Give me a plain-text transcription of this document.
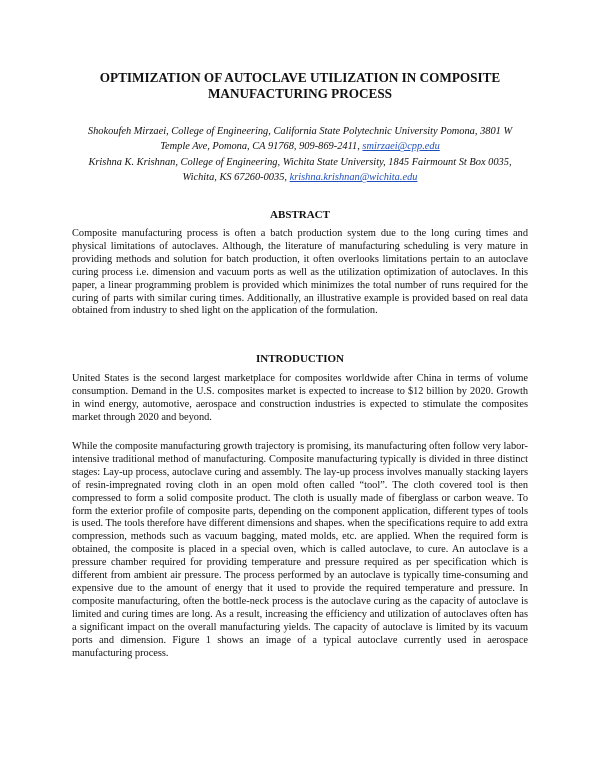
OPTIMIZATION OF AUTOCLAVE UTILIZATION IN COMPOSITE MANUFACTURING PROCESS
Shokoufeh Mirzaei, College of Engineering, California State Polytechnic University Pomona, 3801 W Temple Ave, Pomona, CA 91768, 909-869-2411, smirzaei@cpp.edu
Krishna K. Krishnan, College of Engineering, Wichita State University, 1845 Fairmount St Box 0035, Wichita, KS 67260-0035, krishna.krishnan@wichita.edu
ABSTRACT

Composite manufacturing process is often a batch production system due to the long curing times and physical limitations of autoclaves. Although, the literature of manufacturing scheduling is very mature in providing methods and solution for batch production, it often overlooks limitations pertain to an autoclave curing process i.e. dimension and vacuum ports as well as the utilization optimization of autoclaves. In this paper, a linear programming problem is provided which minimizes the total number of runs required for the curing of parts with similar curing times. Additionally, an illustrative example is provided based on real data obtained from industry to shed light on the application of the formulation.

INTRODUCTION

United States is the second largest marketplace for composites worldwide after China in terms of volume consumption. Demand in the U.S. composites market is expected to increase to $12 billion by 2020. Growth in wind energy, automotive, aerospace and construction industries is expected to stimulate the composites market through 2020 and beyond.

While the composite manufacturing growth trajectory is promising, its manufacturing often follow very labor-intensive traditional method of manufacturing. Composite manufacturing typically is divided in three distinct stages: Lay-up process, autoclave curing and assembly. The lay-up process involves manually stacking layers of resin-impregnated roving cloth in an open mold often called “tool”. The cloth covered tool is then compressed to form a solid composite product. The cloth is usually made of fiberglass or carbon weave. To form the exterior profile of composite parts, depending on the component application, different types of tools is used. The tools therefore have different dimensions and shapes. when the specifications require to add extra compression, methods such as vacuum bagging, mated molds, etc. are applied. When the required form is obtained, the composite is placed in a special oven, which is called autoclave, to cure. An autoclave is a pressure chamber required for providing temperature and pressure required as per specification which is different from ambient air pressure. The process performed by an autoclave is typically time-consuming and expensive due to the amount of energy that it used to provide the required temperature and pressure. In composite manufacturing, often the bottle-neck process is the autoclave curing as the capacity of autoclave is limited and curing times are long. As a result, increasing the efficiency and utilization of autoclaves often has a significant impact on the overall manufacturing yields. The capacity of autoclave is limited by its vacuum ports and dimension. Figure 1 shows an image of a typical autoclave currently used in aerospace manufacturing process.
